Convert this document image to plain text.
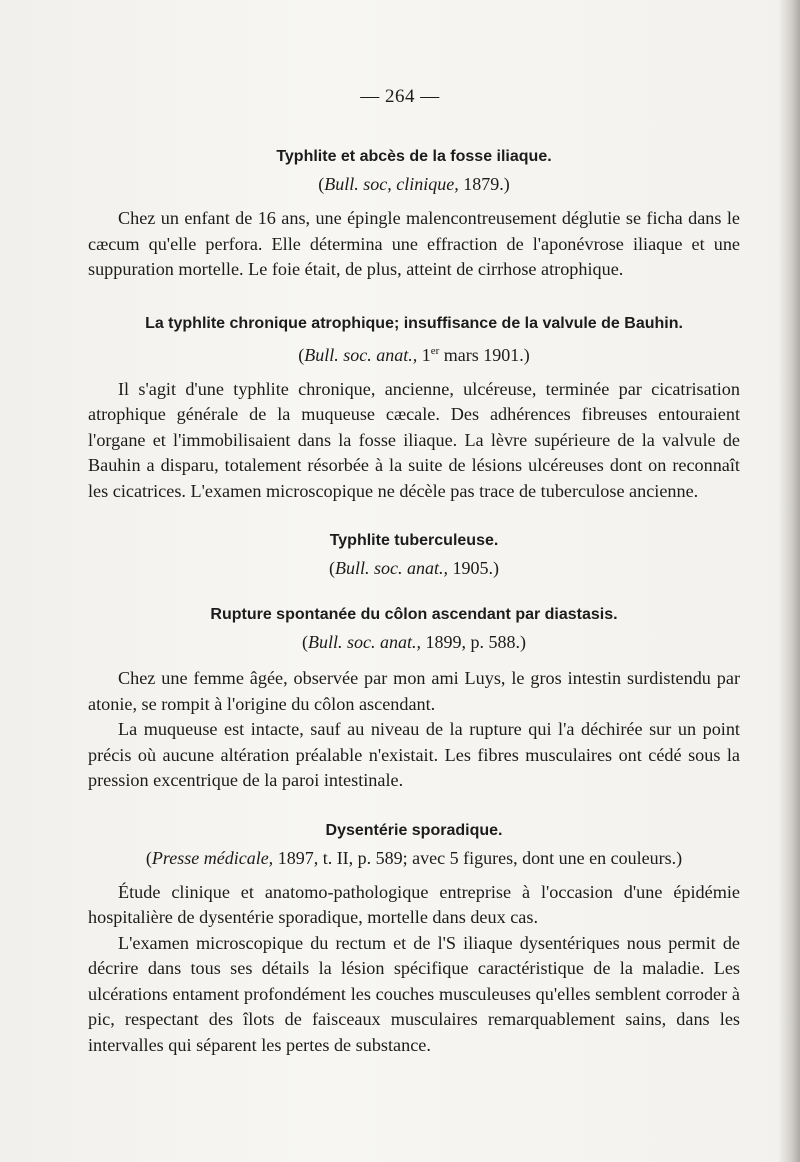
— 264 —
Typhlite et abcès de la fosse iliaque.
(Bull. soc, clinique, 1879.)

Chez un enfant de 16 ans, une épingle malencontreusement déglutie se ficha dans le cæcum qu'elle perfora. Elle détermina une effraction de l'aponévrose iliaque et une suppuration mortelle. Le foie était, de plus, atteint de cirrhose atrophique.

La typhlite chronique atrophique; insuffisance de la valvule de Bauhin.
(Bull. soc. anat., 1er mars 1901.)

Il s'agit d'une typhlite chronique, ancienne, ulcéreuse, terminée par cicatrisation atrophique générale de la muqueuse cæcale. Des adhérences fibreuses entouraient l'organe et l'immobilisaient dans la fosse iliaque. La lèvre supérieure de la valvule de Bauhin a disparu, totalement résorbée à la suite de lésions ulcéreuses dont on reconnaît les cicatrices. L'examen microscopique ne décèle pas trace de tuberculose ancienne.

Typhlite tuberculeuse.
(Bull. soc. anat., 1905.)
Rupture spontanée du côlon ascendant par diastasis.
(Bull. soc. anat., 1899, p. 588.)

Chez une femme âgée, observée par mon ami Luys, le gros intestin surdistendu par atonie, se rompit à l'origine du côlon ascendant.

La muqueuse est intacte, sauf au niveau de la rupture qui l'a déchirée sur un point précis où aucune altération préalable n'existait. Les fibres musculaires ont cédé sous la pression excentrique de la paroi intestinale.

Dysentérie sporadique.
(Presse médicale, 1897, t. II, p. 589; avec 5 figures, dont une en couleurs.)

Étude clinique et anatomo-pathologique entreprise à l'occasion d'une épidémie hospitalière de dysentérie sporadique, mortelle dans deux cas.

L'examen microscopique du rectum et de l'S iliaque dysentériques nous permit de décrire dans tous ses détails la lésion spécifique caractéristique de la maladie. Les ulcérations entament profondément les couches musculeuses qu'elles semblent corroder à pic, respectant des îlots de faisceaux musculaires remarquablement sains, dans les intervalles qui séparent les pertes de substance.
